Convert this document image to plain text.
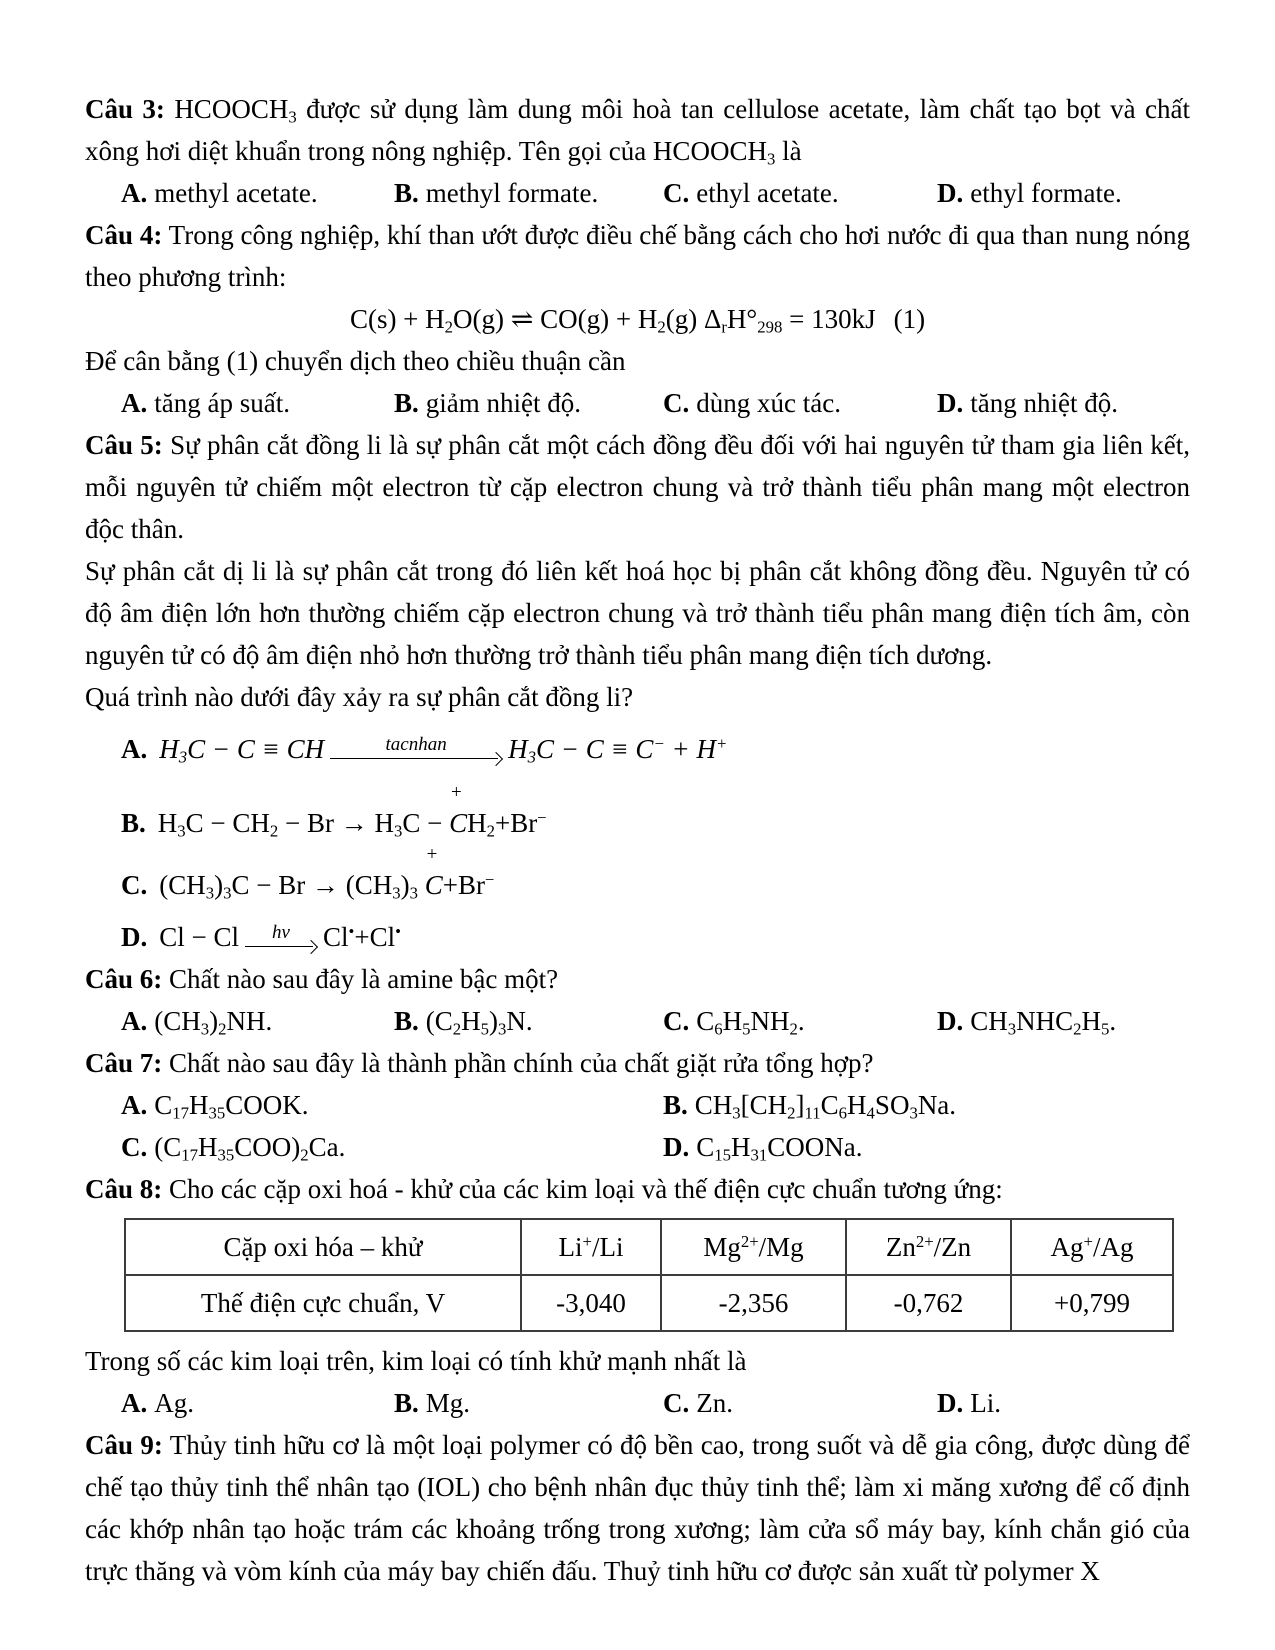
Câu 3: $HCOOCH_3$ được sử dụng làm dung môi hoà tan cellulose acetate, làm chất tạo bọt và chất xông hơi diệt khuẩn trong nông nghiệp. Tên gọi của $HCOOCH_3$ là

A. methyl acetate.	B. methyl formate.	C. ethyl acetate.	D. ethyl formate.

Câu 4: Trong công nghiệp, khí than ướt được điều chế bằng cách cho hơi nước đi qua than nung nóng theo phương trình:

$C(s) + H_2O(g)$ ⇌ $CO(g) + H_2(g) \Delta_rH^\circ_{298} = 130kJ$ (1)

Để cân bằng (1) chuyển dịch theo chiều thuận cần

A. tăng áp suất.	B. giảm nhiệt độ.	C. dùng xúc tác.	D. tăng nhiệt độ.

Câu 5: Sự phân cắt đồng li là sự phân cắt một cách đồng đều đối với hai nguyên tử tham gia liên kết, mỗi nguyên tử chiếm một electron từ cặp electron chung và trở thành tiểu phân mang một electron độc thân.

Sự phân cắt dị li là sự phân cắt trong đó liên kết hoá học bị phân cắt không đồng đều. Nguyên tử có độ âm điện lớn hơn thường chiếm cặp electron chung và trở thành tiểu phân mang điện tích âm, còn nguyên tử có độ âm điện nhỏ hơn thường trở thành tiểu phân mang điện tích dương.

Quá trình nào dưới đây xảy ra sự phân cắt đồng li?

A. $H_3C - C$ ≡ CH	tacnhan $H_3C - C \equiv C^- + H^+$
B. $H_3C - CH_2 - Br \to H_3C$ −
+
$CH_2+Br^-$
C. $(CH_3)_3C - Br \to (CH_3)_3$
+
C+Br−
D. Cl − Cl hv Cl•+Cl•

Câu 6: Chất nào sau đây là amine bậc một?

A. $(CH_3)_2NH$.	B. $(C_2H_5)_3N$.	C. $C_6H_5NH_2$.	D. $CH_3NHC_2H_5$.

Câu 7: Chất nào sau đây là thành phần chính của chất giặt rửa tổng hợp?

A. $C_{17}H_{35}COOK$.	B. $CH_3[CH_2]_{11}C_6H_4SO_3Na$.
C. $(C_{17}H_{35}COO)_2Ca$.	D. $C_{15}H_{31}COONa$.

Câu 8: Cho các cặp oxi hoá - khử của các kim loại và thế điện cực chuẩn tương ứng:

Cặp oxi hóa – khử	Li+/Li	$Mg^{2+}/Mg$	$Zn^{2+}/Zn$	Ag+/Ag
Thế điện cực chuẩn, V	-3,040	-2,356	-0,762	+0,799

Trong số các kim loại trên, kim loại có tính khử mạnh nhất là

A. Ag.	B. Mg.	C. Zn.	D. Li.

Câu 9: Thủy tinh hữu cơ là một loại polymer có độ bền cao, trong suốt và dễ gia công, được dùng để chế tạo thủy tinh thể nhân tạo (IOL) cho bệnh nhân đục thủy tinh thể; làm xi măng xương để cố định các khớp nhân tạo hoặc trám các khoảng trống trong xương; làm cửa sổ máy bay, kính chắn gió của trực thăng và vòm kính của máy bay chiến đấu. Thuỷ tinh hữu cơ được sản xuất từ polymer X
